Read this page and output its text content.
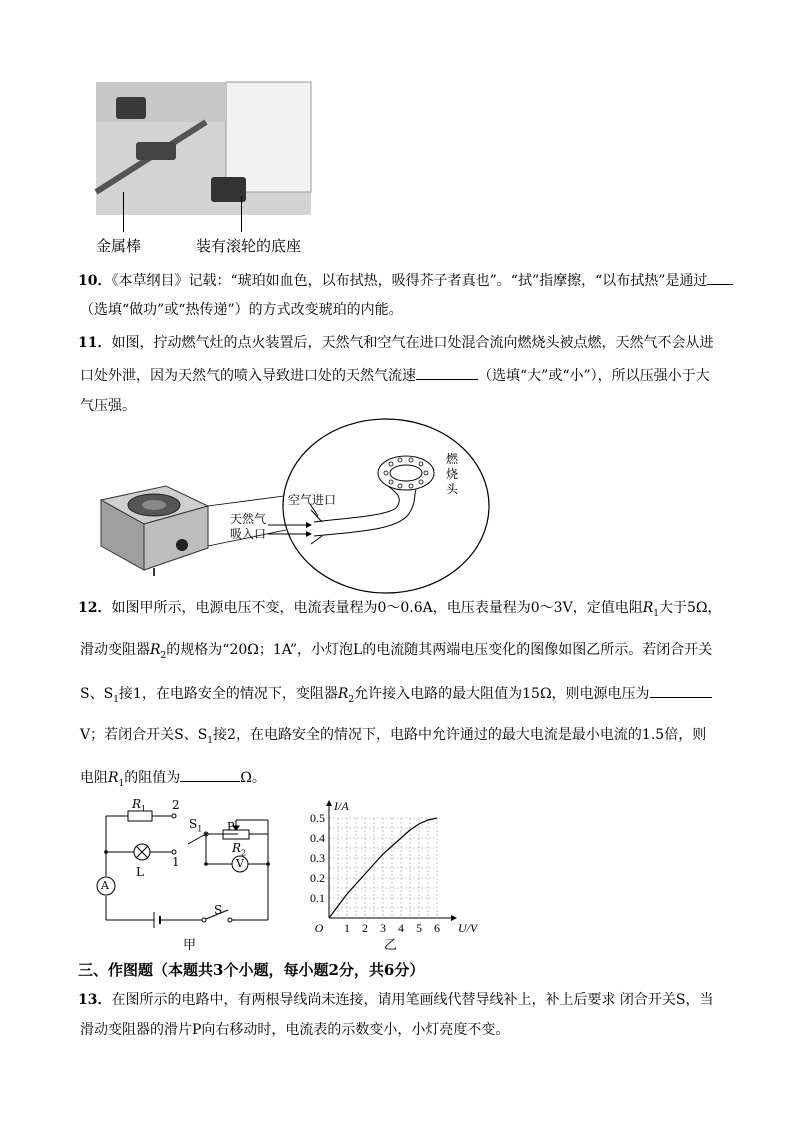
金属棒	装有滚轮的底座
10．《本草纲目》记载：“琥珀如血色，以布拭热，吸得芥子者真也”。“拭”指摩擦，“以布拭热”是通过
（选填“做功”或“热传递”）的方式改变琥珀的内能。
11．如图，拧动燃气灶的点火装置后，天然气和空气在进口处混合流向燃烧头被点燃，天然气不会从进
口处外泄，因为天然气的喷入导致进口处的天然气流速	（选填“大”或“小”），所以压强小于大
气压强。
空气进口
天然气
吸入口
燃
烧
头
12．如图甲所示，电源电压不变，电流表量程为0～0.6A，电压表量程为0～3V，定值电阻$R_1$大于5Ω，
滑动变阻器$R_2$的规格为“20Ω；1A”，小灯泡L的电流随其两端电压变化的图像如图乙所示。若闭合开关
S、$S_1$接1，在电路安全的情况下，变阻器$R_2$允许接入电路的最大阻值为15Ω，则电源电压为
V；若闭合开关S、$S_1$接2，在电路安全的情况下，电路中允许通过的最大电流是最小电流的1.5倍，则
电阻$R_1$的阻值为	Ω。
$R_1$ 2
1
$S_1$ P
$R_2$
V
A
L
S
甲
1 2 3 4 5 6
0.1
0.2
0.3
0.4
0.5
O	U/V
I/A
乙
三、作图题（本题共3个小题，每小题2分，共6分）
13．在图所示的电路中，有两根导线尚未连接，请用笔画线代替导线补上，补上后要求 闭合开关S，当
滑动变阻器的滑片P向右移动时，电流表的示数变小，小灯亮度不变。
